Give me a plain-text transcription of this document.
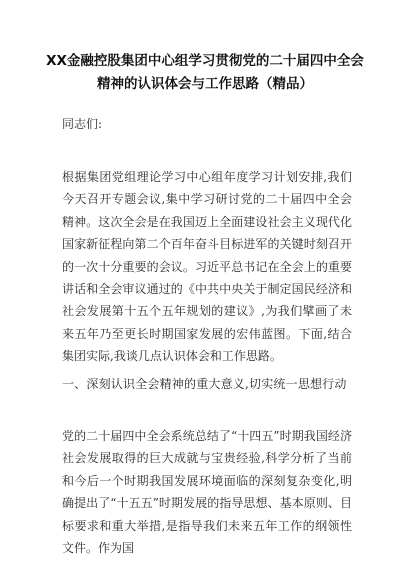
XX金融控股集团中心组学习贯彻党的二十届四中全会精神的认识体会与工作思路（精品）

同志们:

根据集团党组理论学习中心组年度学习计划安排,我们今天召开专题会议,集中学习研讨党的二十届四中全会精神。这次全会是在我国迈上全面建设社会主义现代化国家新征程向第二个百年奋斗目标进军的关键时刻召开的一次十分重要的会议。习近平总书记在全会上的重要讲话和全会审议通过的《中共中央关于制定国民经济和社会发展第十五个五年规划的建议》,为我们擘画了未来五年乃至更长时期国家发展的宏伟蓝图。下面,结合集团实际,我谈几点认识体会和工作思路。

一、深刻认识全会精神的重大意义,切实统一思想行动

党的二十届四中全会系统总结了“十四五”时期我国经济社会发展取得的巨大成就与宝贵经验,科学分析了当前和今后一个时期我国发展环境面临的深刻复杂变化,明确提出了“十五五”时期发展的指导思想、基本原则、目标要求和重大举措,是指导我们未来五年工作的纲领性文件。作为国
